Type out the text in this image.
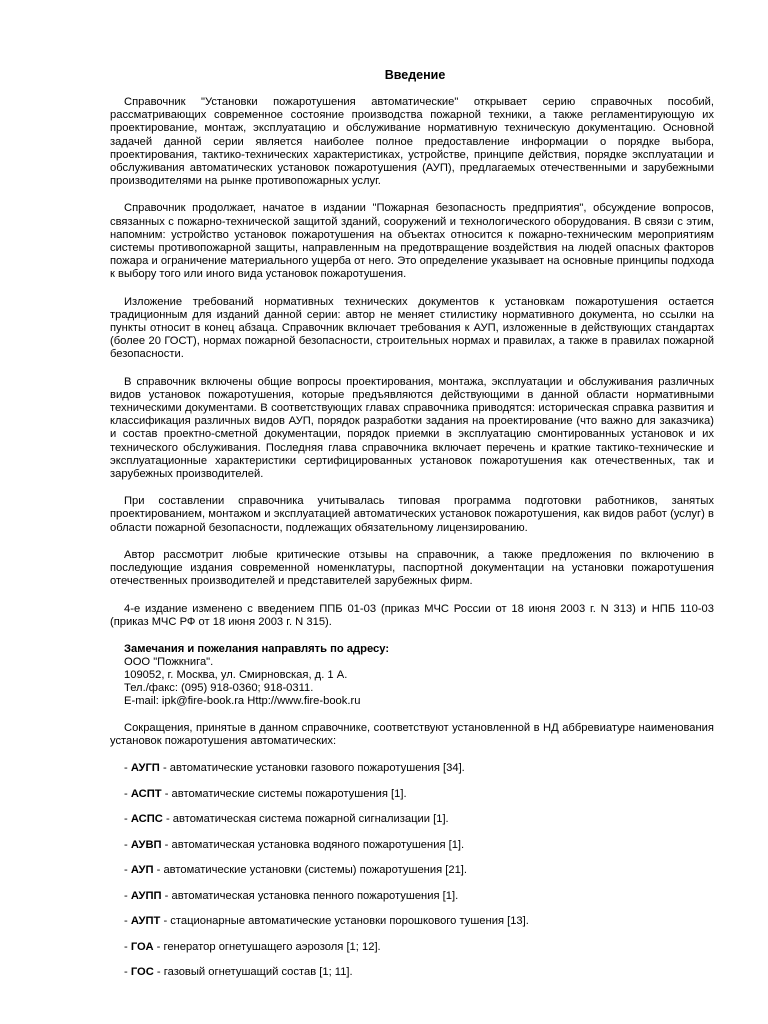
Введение

Справочник "Установки пожаротушения автоматические" открывает серию справочных пособий, рассматривающих современное состояние производства пожарной техники, а также регламентирующую их проектирование, монтаж, эксплуатацию и обслуживание нормативную техническую документацию. Основной задачей данной серии является наиболее полное предоставление информации о порядке выбора, проектирования, тактико-технических характеристиках, устройстве, принципе действия, порядке эксплуатации и обслуживания автоматических установок пожаротушения (АУП), предлагаемых отечественными и зарубежными производителями на рынке противопожарных услуг.

Справочник продолжает, начатое в издании "Пожарная безопасность предприятия", обсуждение вопросов, связанных с пожарно-технической защитой зданий, сооружений и технологического оборудования. В связи с этим, напомним: устройство установок пожаротушения на объектах относится к пожарно-техническим мероприятиям системы противопожарной защиты, направленным на предотвращение воздействия на людей опасных факторов пожара и ограничение материального ущерба от него. Это определение указывает на основные принципы подхода к выбору того или иного вида установок пожаротушения.

Изложение требований нормативных технических документов к установкам пожаротушения остается традиционным для изданий данной серии: автор не меняет стилистику нормативного документа, но ссылки на пункты относит в конец абзаца. Справочник включает требования к АУП, изложенные в действующих стандартах (более 20 ГОСТ), нормах пожарной безопасности, строительных нормах и правилах, а также в правилах пожарной безопасности.

В справочник включены общие вопросы проектирования, монтажа, эксплуатации и обслуживания различных видов установок пожаротушения, которые предъявляются действующими в данной области нормативными техническими документами. В соответствующих главах справочника приводятся: историческая справка развития и классификация различных видов АУП, порядок разработки задания на проектирование (что важно для заказчика) и состав проектно-сметной документации, порядок приемки в эксплуатацию смонтированных установок и их технического обслуживания. Последняя глава справочника включает перечень и краткие тактико-технические и эксплуатационные характеристики сертифицированных установок пожаротушения как отечественных, так и зарубежных производителей.

При составлении справочника учитывалась типовая программа подготовки работников, занятых проектированием, монтажом и эксплуатацией автоматических установок пожаротушения, как видов работ (услуг) в области пожарной безопасности, подлежащих обязательному лицензированию.

Автор рассмотрит любые критические отзывы на справочник, а также предложения по включению в последующие издания современной номенклатуры, паспортной документации на установки пожаротушения отечественных производителей и представителей зарубежных фирм.

4-е издание изменено с введением ППБ 01-03 (приказ МЧС России от 18 июня 2003 г. N 313) и НПБ 110-03 (приказ МЧС РФ от 18 июня 2003 г. N 315).

Замечания и пожелания направлять по адресу:
ООО "Пожкнига".
109052, г. Москва, ул. Смирновская, д. 1 А.
Тел./факс: (095) 918-0360; 918-0311.
E-mail: ipk@fire-book.ra Http://www.fire-book.ru

Сокращения, принятые в данном справочнике, соответствуют установленной в НД аббревиатуре наименования установок пожаротушения автоматических:

- АУГП - автоматические установки газового пожаротушения [34].
- АСПТ - автоматические системы пожаротушения [1].
- АСПС - автоматическая система пожарной сигнализации [1].
- АУВП - автоматическая установка водяного пожаротушения [1].
- АУП - автоматические установки (системы) пожаротушения [21].
- АУПП - автоматическая установка пенного пожаротушения [1].
- АУПТ - стационарные автоматические установки порошкового тушения [13].
- ГОА - генератор огнетушащего аэрозоля [1; 12].
- ГОС - газовый огнетушащий состав [1; 11].
